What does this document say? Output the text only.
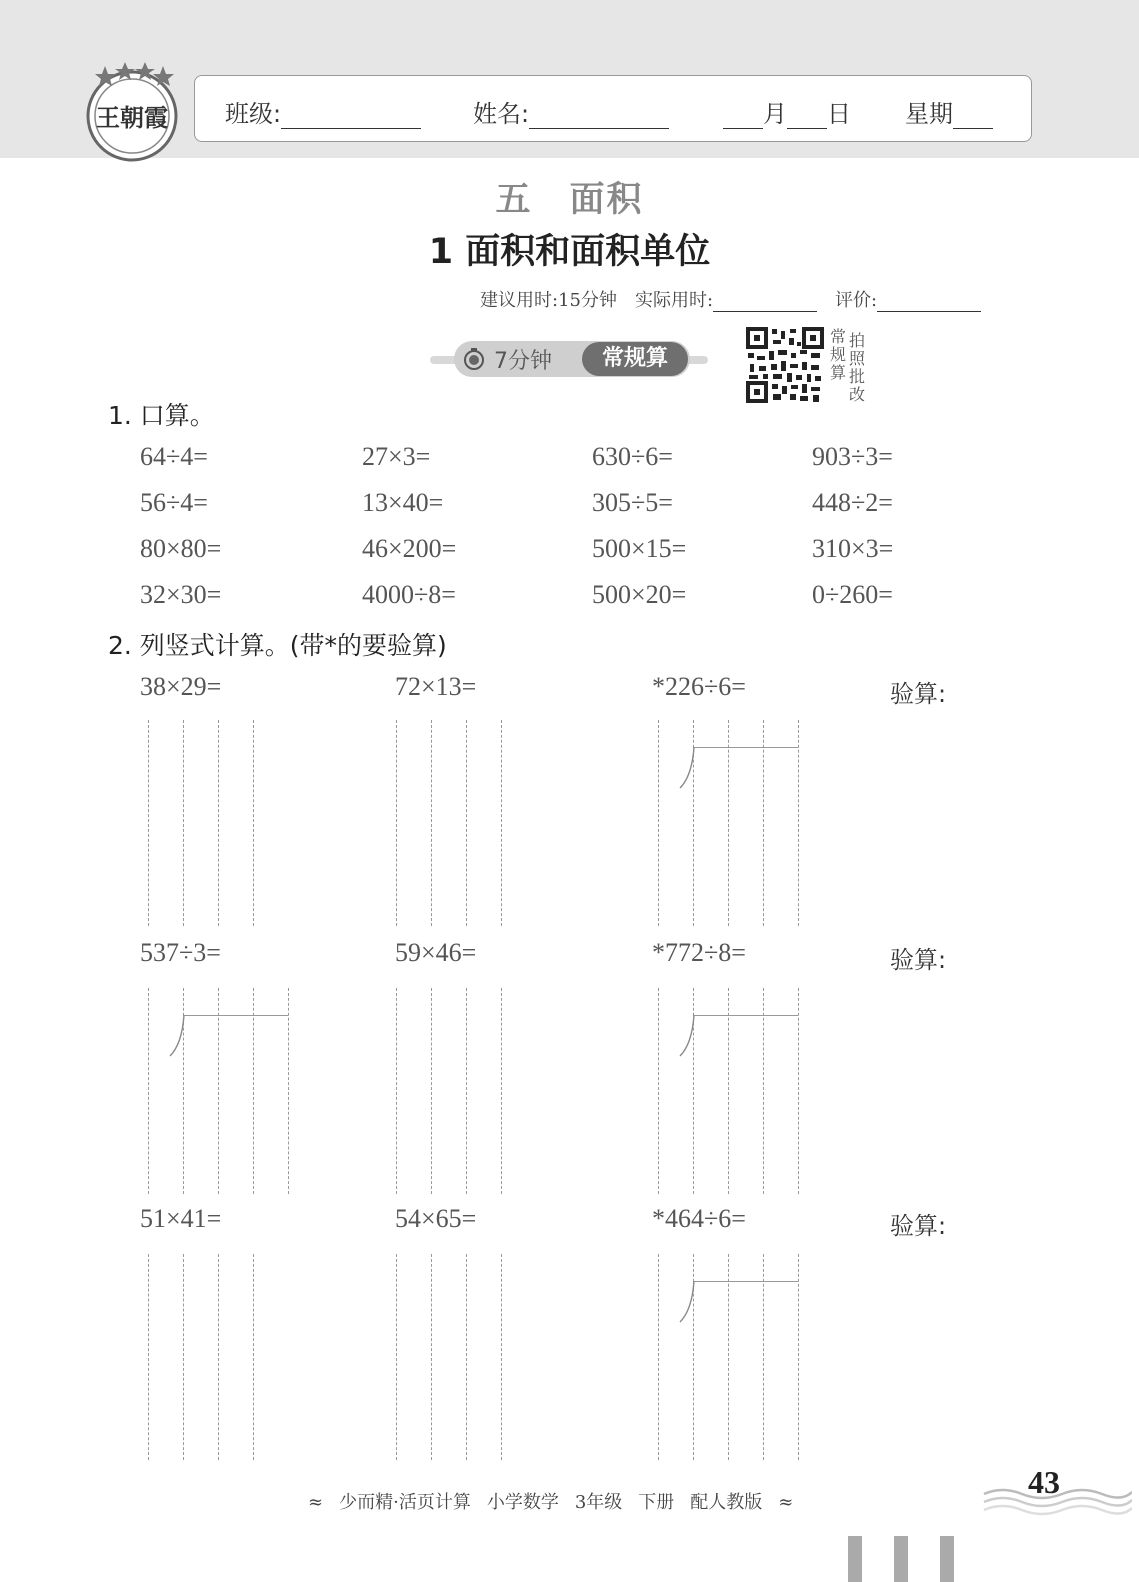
王朝霞 班级:	姓名:	月 日 星期
五　面积
1 面积和面积单位
建议用时:15分钟 实际用时:	评价:
7分钟	常规算
常规算
拍照批改
1. 口算。
64÷4=	27×3=	630÷6=	903÷3=
56÷4=	13×40=	305÷5=	448÷2=
80×80=	46×200=	500×15=	310×3=
32×30=	4000÷8=	500×20=	0÷260=
2. 列竖式计算。(带*的要验算)
38×29=	72×13=	*226÷6=	验算:
537÷3=	59×46=	*772÷8=	验算:
51×41=	54×65=	*464÷6=	验算:
≈ 少而精·活页计算 小学数学 3年级 下册 配人教版 ≈
43
